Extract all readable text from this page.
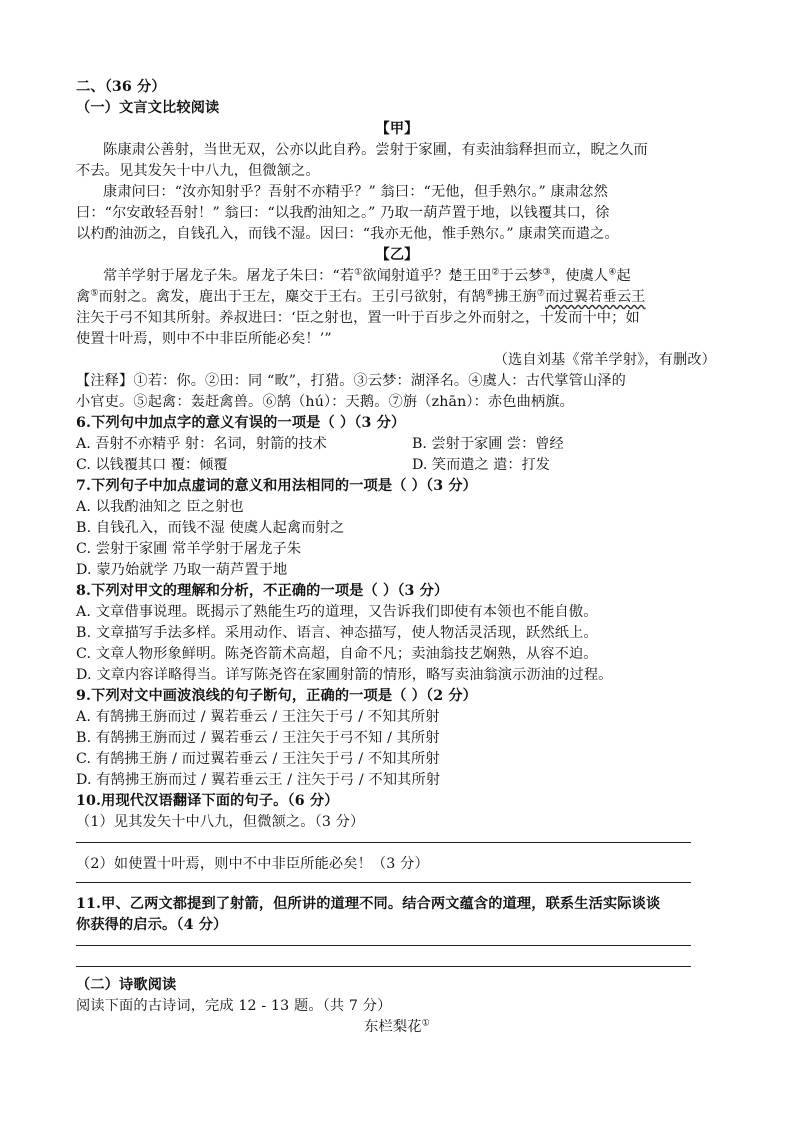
二、（36 分）
（一）文言文比较阅读
【甲】
陈康肃公善射，当世无双，公亦以此自矜。尝射于家圃，有卖油翁释担而立，睨之久而
不去。见其发矢十中八九，但微颔之。
康肃问曰：“汝亦知射乎？吾射不亦精乎？” 翁曰：“无他，但手熟尔。” 康肃忿然
曰：“尔安敢轻吾射！” 翁曰：“以我酌油知之。” 乃取一葫芦置于地，以钱覆其口，徐
以杓酌油沥之，自钱孔入，而钱不湿。因曰：“我亦无他，惟手熟尔。” 康肃笑而遣之。
【乙】
常羊学射于屠龙子朱。屠龙子朱曰：“若①欲闻射道乎？楚王田②于云梦③，使虞人④起
禽⑤而射之。禽发，鹿出于王左，麋交于王右。王引弓欲射，有鹄⑥拂王旃⑦而过翼若垂云王
注矢于弓不知其所射。养叔进曰：‘臣之射也，置一叶于百步之外而射之，十发而十中；如
使置十叶焉，则中不中非臣所能必矣！’”
（选自刘基《常羊学射》，有删改）
【注释】①若：你。②田：同 “畋”，打猎。③云梦：湖泽名。④虞人：古代掌管山泽的
小官吏。⑤起禽：轰赶禽兽。⑥鹄（hú）：天鹅。⑦旃（zhān）：赤色曲柄旗。
6.下列句中加点字的意义有误的一项是（ ）（3 分）
A. 吾射不亦精乎 射：名词，射箭的技术	B. 尝射于家圃 尝：曾经
C. 以钱覆其口 覆：倾覆	D. 笑而遣之 遣：打发
7.下列句子中加点虚词的意义和用法相同的一项是（ ）（3 分）
A. 以我酌油知之 臣之射也
B. 自钱孔入，而钱不湿 使虞人起禽而射之
C. 尝射于家圃 常羊学射于屠龙子朱
D. 蒙乃始就学 乃取一葫芦置于地
8.下列对甲文的理解和分析，不正确的一项是（ ）（3 分）
A. 文章借事说理。既揭示了熟能生巧的道理，又告诉我们即使有本领也不能自傲。
B. 文章描写手法多样。采用动作、语言、神态描写，使人物活灵活现，跃然纸上。
C. 文章人物形象鲜明。陈尧咨箭术高超，自命不凡；卖油翁技艺娴熟，从容不迫。
D. 文章内容详略得当。详写陈尧咨在家圃射箭的情形，略写卖油翁演示沥油的过程。
9.下列对文中画波浪线的句子断句，正确的一项是（ ）（2 分）
A. 有鹄拂王旃而过 / 翼若垂云 / 王注矢于弓 / 不知其所射
B. 有鹄拂王旃而过 / 翼若垂云 / 王注矢于弓不知 / 其所射
C. 有鹄拂王旃 / 而过翼若垂云 / 王注矢于弓 / 不知其所射
D. 有鹄拂王旃而过 / 翼若垂云王 / 注矢于弓 / 不知其所射
10.用现代汉语翻译下面的句子。（6 分）
（1）见其发矢十中八九，但微颔之。（3 分）
（2）如使置十叶焉，则中不中非臣所能必矣！（3 分）
11.甲、乙两文都提到了射箭，但所讲的道理不同。结合两文蕴含的道理，联系生活实际谈谈
你获得的启示。（4 分）
（二）诗歌阅读
阅读下面的古诗词，完成 12 - 13 题。（共 7 分）
东栏梨花①
